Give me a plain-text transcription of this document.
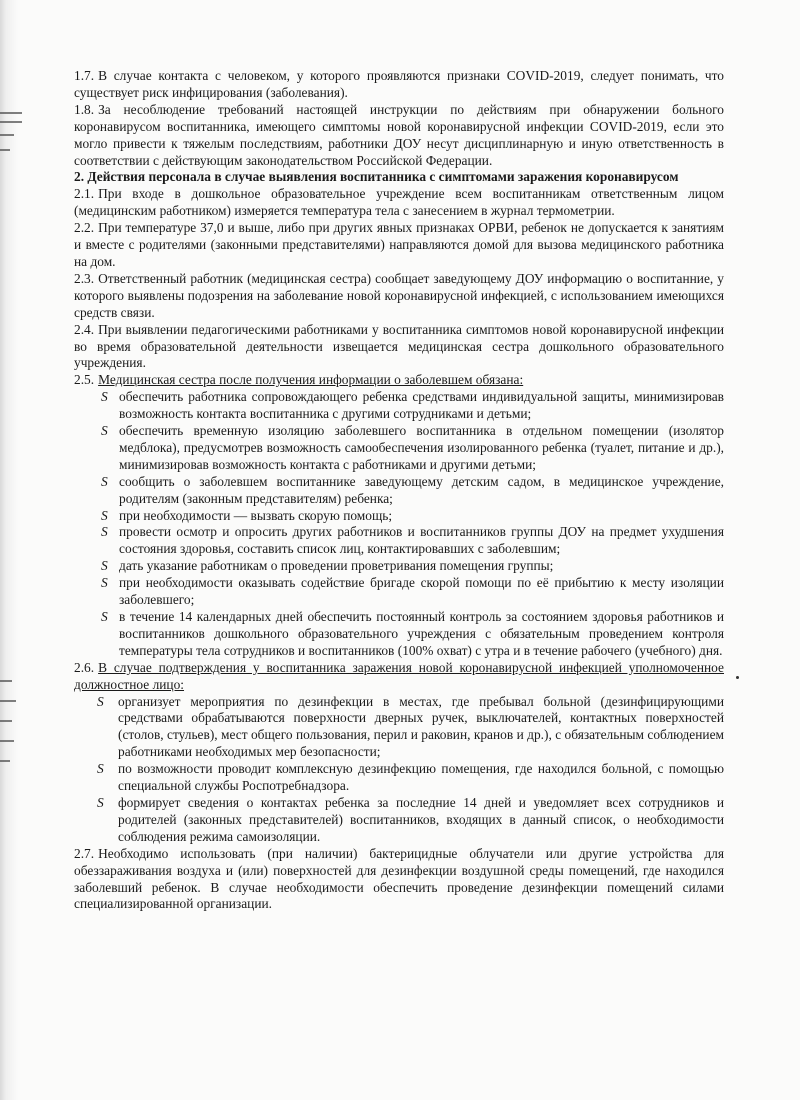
1.7. В случае контакта с человеком, у которого проявляются признаки COVID-2019, следует понимать, что существует риск инфицирования (заболевания).

1.8. За несоблюдение требований настоящей инструкции по действиям при обнаружении больного коронавирусом воспитанника, имеющего симптомы новой коронавирусной инфекции COVID-2019, если это могло привести к тяжелым последствиям, работники ДОУ несут дисциплинарную и иную ответственность в соответствии с действующим законодательством Российской Федерации.

2. Действия персонала в случае выявления воспитанника с симптомами заражения коронавирусом

2.1. При входе в дошкольное образовательное учреждение всем воспитанникам ответственным лицом (медицинским работником) измеряется температура тела с занесением в журнал термометрии.

2.2. При температуре 37,0 и выше, либо при других явных признаках ОРВИ, ребенок не допускается к занятиям и вместе с родителями (законными представителями) направляются домой для вызова медицинского работника на дом.

2.3. Ответственный работник (медицинская сестра) сообщает заведующему ДОУ информацию о воспитанние, у которого выявлены подозрения на заболевание новой коронавирусной инфекцией, с использованием имеющихся средств связи.

2.4. При выявлении педагогическими работниками у воспитанника симптомов новой коронавирусной инфекции во время образовательной деятельности извещается медицинская сестра дошкольного образовательного учреждения.

2.5. Медицинская сестра после получения информации о заболевшем обязана:

S обеспечить работника сопровождающего ребенка средствами индивидуальной защиты, минимизировав возможность контакта воспитанника с другими сотрудниками и детьми;
S обеспечить временную изоляцию заболевшего воспитанника в отдельном помещении (изолятор медблока), предусмотрев возможность самообеспечения изолированного ребенка (туалет, питание и др.), минимизировав возможность контакта с работниками и другими детьми;
S сообщить о заболевшем воспитаннике заведующему детским садом, в медицинское учреждение, родителям (законным представителям) ребенка;
S при необходимости — вызвать скорую помощь;
S провести осмотр и опросить других работников и воспитанников группы ДОУ на предмет ухудшения состояния здоровья, составить список лиц, контактировавших с заболевшим;
S дать указание работникам о проведении проветривания помещения группы;
S при необходимости оказывать содействие бригаде скорой помощи по её прибытию к месту изоляции заболевшего;
S в течение 14 календарных дней обеспечить постоянный контроль за состоянием здоровья работников и воспитанников дошкольного образовательного учреждения с обязательным проведением контроля температуры тела сотрудников и воспитанников (100% охват) с утра и в течение рабочего (учебного) дня.

2.6. В случае подтверждения у воспитанника заражения новой коронавирусной инфекцией уполномоченное должностное лицо:

S организует мероприятия по дезинфекции в местах, где пребывал больной (дезинфицирующими средствами обрабатываются поверхности дверных ручек, выключателей, контактных поверхностей (столов, стульев), мест общего пользования, перил и раковин, кранов и др.), с обязательным соблюдением работниками необходимых мер безопасности;
S по возможности проводит комплексную дезинфекцию помещения, где находился больной, с помощью специальной службы Роспотребнадзора.
S формирует сведения о контактах ребенка за последние 14 дней и уведомляет всех сотрудников и родителей (законных представителей) воспитанников, входящих в данный список, о необходимости соблюдения режима самоизоляции.

2.7. Необходимо использовать (при наличии) бактерицидные облучатели или другие устройства для обеззараживания воздуха и (или) поверхностей для дезинфекции воздушной среды помещений, где находился заболевший ребенок. В случае необходимости обеспечить проведение дезинфекции помещений силами специализированной организации.
